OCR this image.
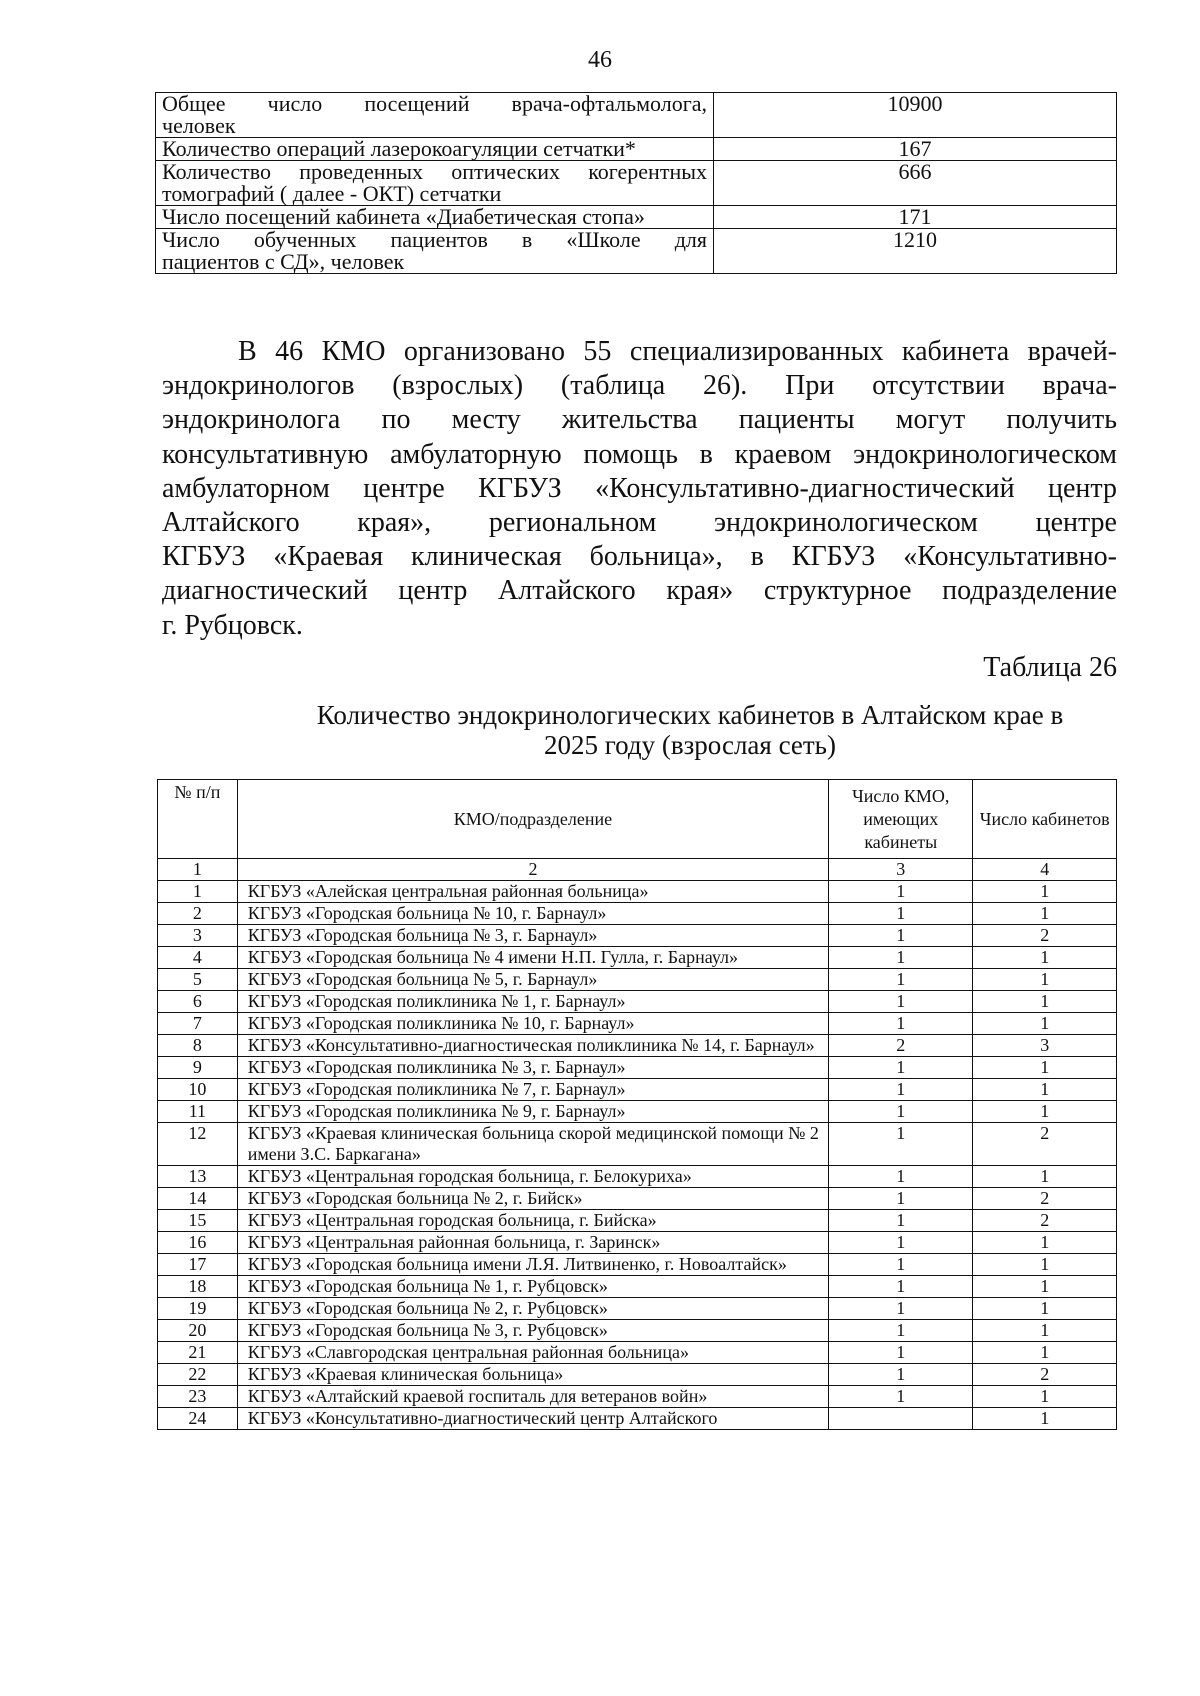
46
Общее число посещений врача-офтальмолога,
человек	10900
Количество операций лазерокоагуляции сетчатки*	167

Количество проведенных оптических когерентных
томографий ( далее - ОКТ) сетчатки	666
Число посещений кабинета «Диабетическая стопа»	171

Число обученных пациентов в «Школе для
пациентов с СД», человек	1210
В 46 КМО организовано 55 специализированных кабинета врачей-
эндокринологов (взрослых) (таблица 26). При отсутствии врача-
эндокринолога по месту жительства пациенты могут получить
консультативную амбулаторную помощь в краевом эндокринологическом
амбулаторном центре КГБУЗ «Консультативно-диагностический центр
Алтайского края», региональном эндокринологическом центре
КГБУЗ «Краевая клиническая больница», в КГБУЗ «Консультативно-
диагностический центр Алтайского края» структурное подразделение
г. Рубцовск.
Таблица 26
Количество эндокринологических кабинетов в Алтайском крае в
2025 году (взрослая сеть)
№ п/п	КМО/подразделение	Число КМО, имеющих кабинеты	Число кабинетов
1	2	3	4
1	КГБУЗ «Алейская центральная районная больница»	1	1
2	КГБУЗ «Городская больница № 10, г. Барнаул»	1	1
3	КГБУЗ «Городская больница № 3, г. Барнаул»	1	2
4	КГБУЗ «Городская больница № 4 имени Н.П. Гулла, г. Барнаул»	1	1
5	КГБУЗ «Городская больница № 5, г. Барнаул»	1	1
6	КГБУЗ «Городская поликлиника № 1, г. Барнаул»	1	1
7	КГБУЗ «Городская поликлиника № 10, г. Барнаул»	1	1
8	КГБУЗ «Консультативно-диагностическая поликлиника № 14, г. Барнаул»	2	3
9	КГБУЗ «Городская поликлиника № 3, г. Барнаул»	1	1
10	КГБУЗ «Городская поликлиника № 7, г. Барнаул»	1	1
11	КГБУЗ «Городская поликлиника № 9, г. Барнаул»	1	1
12	КГБУЗ «Краевая клиническая больница скорой медицинской помощи № 2 имени З.С. Баркагана»	1	2
13	КГБУЗ «Центральная городская больница, г. Белокуриха»	1	1
14	КГБУЗ «Городская больница № 2, г. Бийск»	1	2
15	КГБУЗ «Центральная городская больница, г. Бийска»	1	2
16	КГБУЗ «Центральная районная больница, г. Заринск»	1	1
17	КГБУЗ «Городская больница имени Л.Я. Литвиненко, г. Новоалтайск»	1	1
18	КГБУЗ «Городская больница № 1, г. Рубцовск»	1	1
19	КГБУЗ «Городская больница № 2, г. Рубцовск»	1	1
20	КГБУЗ «Городская больница № 3, г. Рубцовск»	1	1
21	КГБУЗ «Славгородская центральная районная больница»	1	1
22	КГБУЗ «Краевая клиническая больница»	1	2
23	КГБУЗ «Алтайский краевой госпиталь для ветеранов войн»	1	1
24	КГБУЗ «Консультативно-диагностический центр Алтайского		1
